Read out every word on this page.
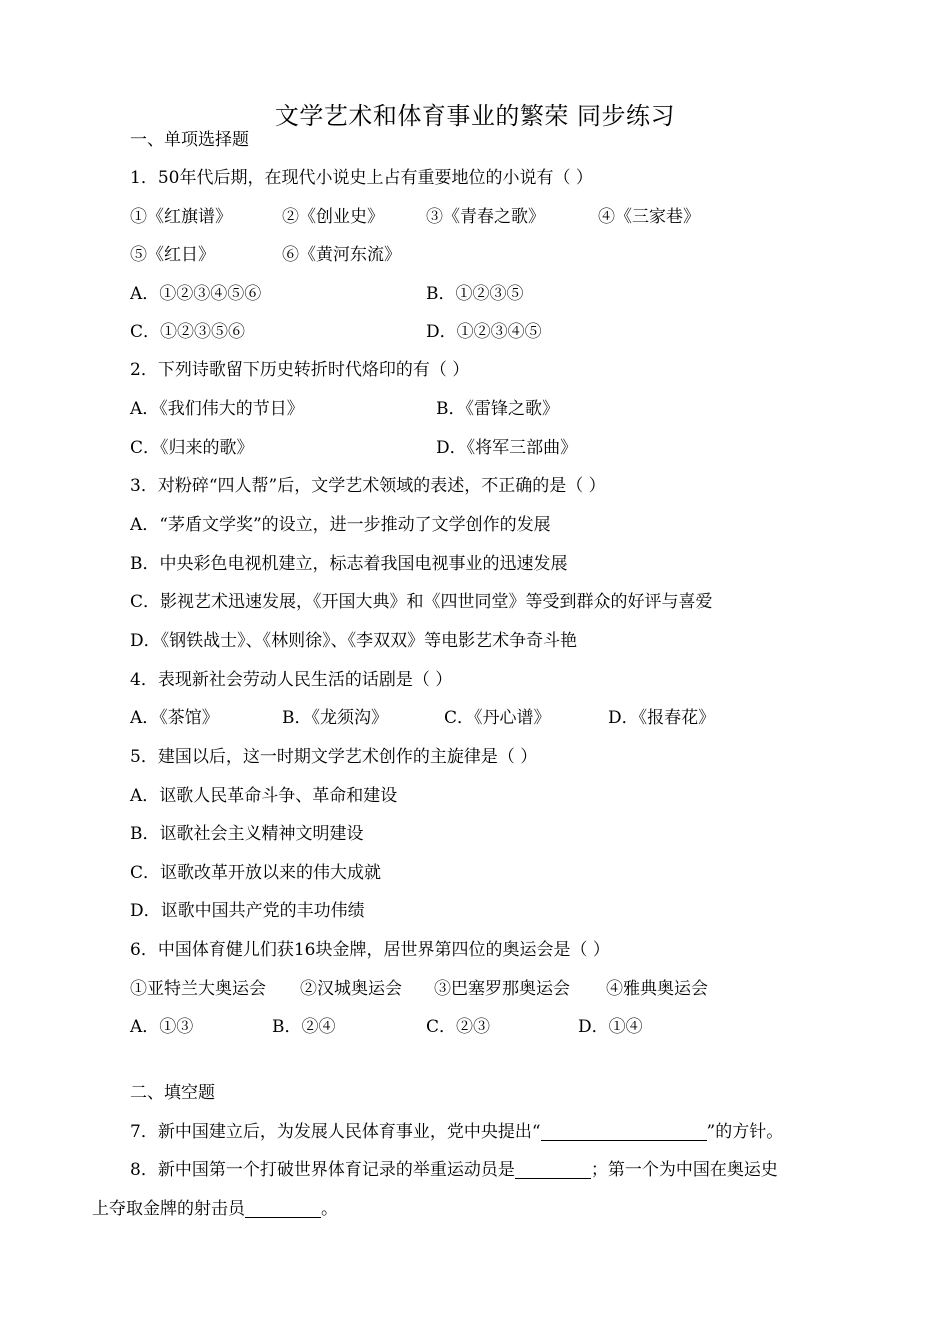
文学艺术和体育事业的繁荣 同步练习
一、单项选择题
1．50年代后期，在现代小说史上占有重要地位的小说有（ ）
①《红旗谱》	②《创业史》 ③《青春之歌》	④《三家巷》
⑤《红日》	⑥《黄河东流》
A．①②③④⑤⑥	B．①②③⑤
C．①②③⑤⑥	D．①②③④⑤
2．下列诗歌留下历史转折时代烙印的有（ ）
A．《我们伟大的节日》	B．《雷锋之歌》
C．《归来的歌》	D．《将军三部曲》
3．对粉碎“四人帮”后，文学艺术领域的表述，不正确的是（ ）
A．“茅盾文学奖”的设立，进一步推动了文学创作的发展
B．中央彩色电视机建立，标志着我国电视事业的迅速发展
C．影视艺术迅速发展，《开国大典》和《四世同堂》等受到群众的好评与喜爱
D．《钢铁战士》、《林则徐》、《李双双》等电影艺术争奇斗艳
4．表现新社会劳动人民生活的话剧是（ ）
A．《茶馆》	B．《龙须沟》	C．《丹心谱》	D．《报春花》
5．建国以后，这一时期文学艺术创作的主旋律是（ ）
A．讴歌人民革命斗争、革命和建设
B．讴歌社会主义精神文明建设
C．讴歌改革开放以来的伟大成就
D．讴歌中国共产党的丰功伟绩
6．中国体育健儿们获16块金牌，居世界第四位的奥运会是（ ）
①亚特兰大奥运会 ②汉城奥运会 ③巴塞罗那奥运会 ④雅典奥运会
A．①③	B．②④	C．②③	D．①④
二、填空题
7．新中国建立后，为发展人民体育事业，党中央提出“	”的方针。
8．新中国第一个打破世界体育记录的举重运动员是	；第一个为中国在奥运史
上夺取金牌的射击员	。
